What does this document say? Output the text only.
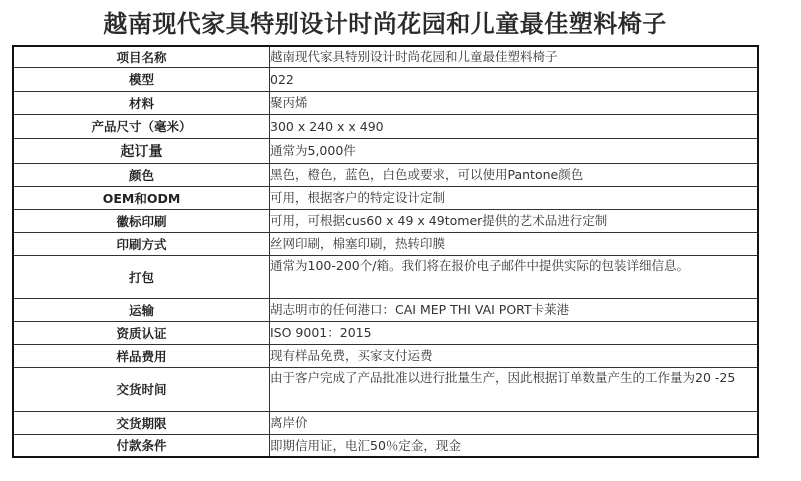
越南现代家具特别设计时尚花园和儿童最佳塑料椅子
项目名称	越南现代家具特别设计时尚花园和儿童最佳塑料椅子
模型	022
材料	聚丙烯
产品尺寸（毫米）	300 x 240 x x 490
起订量	通常为5,000件
颜色	黑色，橙色，蓝色，白色或要求，可以使用Pantone颜色
OEM和ODM	可用，根据客户的特定设计定制
徽标印刷	可用，可根据cus60 x 49 x 49tomer提供的艺术品进行定制
印刷方式	丝网印刷，棉塞印刷，热转印膜
打包	通常为100-200个/箱。我们将在报价电子邮件中提供实际的包装详细信息。
运输	胡志明市的任何港口：CAI MEP THI VAI PORT卡莱港
资质认证	ISO 9001：2015
样品费用	现有样品免费，买家支付运费
交货时间	由于客户完成了产品批准以进行批量生产，因此根据订单数量产生的工作量为20 -25
交货期限	离岸价
付款条件	即期信用证，电汇50％定金，现金
